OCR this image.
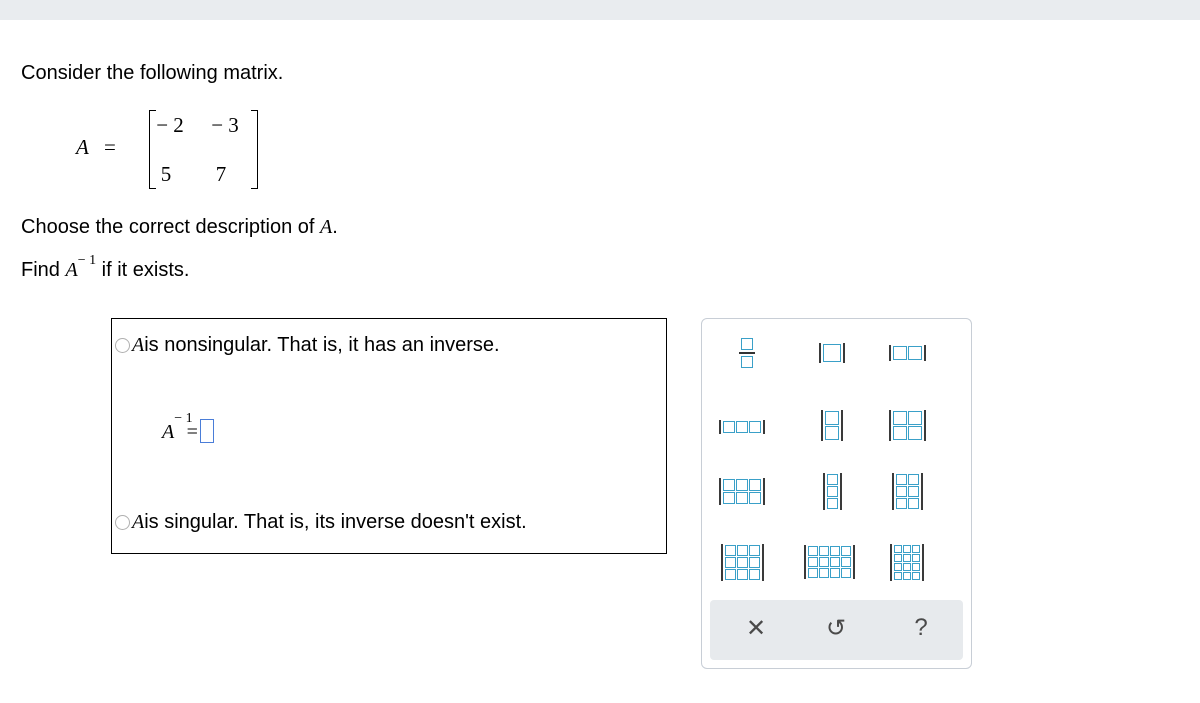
Consider the following matrix.
A =
− 2 − 3
5	7
Choose the correct description of A.
Find $A^{- 1}$ if it exists.
A is nonsingular. That is, it has an inverse.
A
− 1
=
A is singular. That is, its inverse doesn't exist.
✕ ↺	?
